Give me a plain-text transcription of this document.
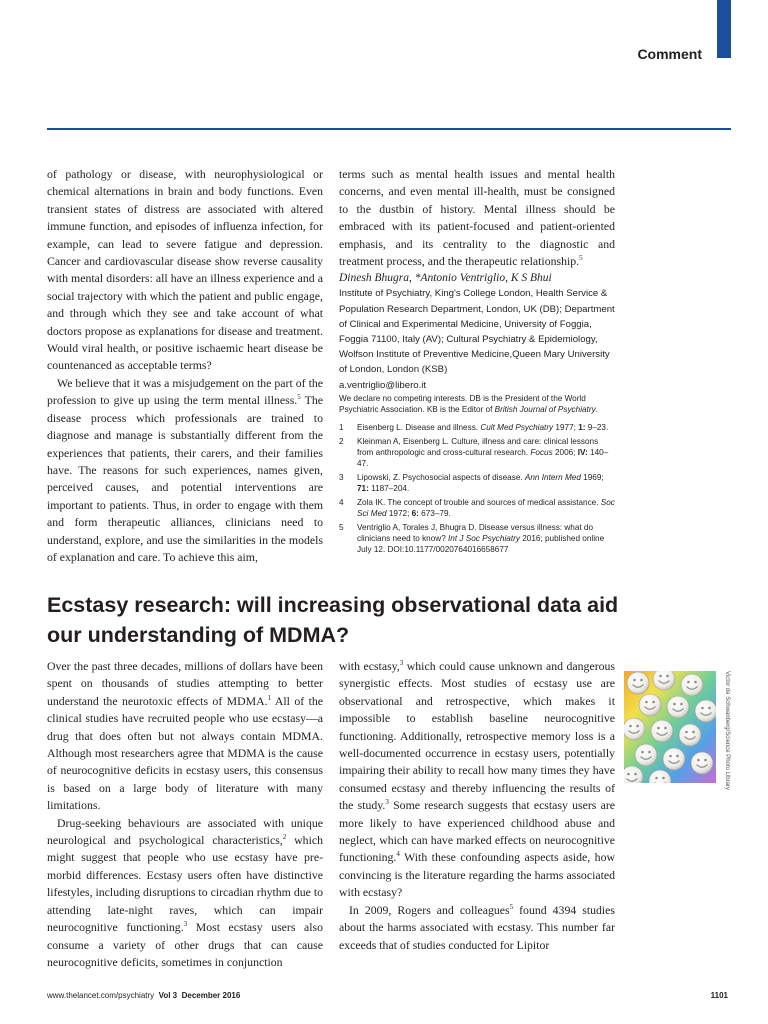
Comment

of pathology or disease, with neurophysiological or chemical alternations in brain and body functions. Even transient states of distress are associated with altered immune function, and episodes of influenza infection, for example, can lead to severe fatigue and depression. Cancer and cardiovascular disease show reverse causality with mental disorders: all have an illness experience and a social trajectory with which the patient and public engage, and through which they see and take account of what doctors propose as explanations for disease and treatment. Would viral health, or positive ischaemic heart disease be countenanced as acceptable terms?

We believe that it was a misjudgement on the part of the profession to give up using the term mental illness.$^5$ The disease process which professionals are trained to diagnose and manage is substantially different from the experiences that patients, their carers, and their families have. The reasons for such experiences, names given, perceived causes, and potential interventions are important to patients. Thus, in order to engage with them and form therapeutic alliances, clinicians need to understand, explore, and use the similarities in the models of explanation and care. To achieve this aim,

terms such as mental health issues and mental health concerns, and even mental ill-health, must be consigned to the dustbin of history. Mental illness should be embraced with its patient-focused and patient-oriented emphasis, and its centrality to the diagnostic and treatment process, and the therapeutic relationship.$^5$

Dinesh Bhugra, *Antonio Ventriglio, K S Bhui

Institute of Psychiatry, King's College London, Health Service & Population Research Department, London, UK (DB); Department of Clinical and Experimental Medicine, University of Foggia, Foggia 71100, Italy (AV); Cultural Psychiatry & Epidemiology, Wolfson Institute of Preventive Medicine,Queen Mary University of London, London (KSB)
a.ventriglio@libero.it

We declare no competing interests. DB is the President of the World Psychiatric Association. KB is the Editor of British Journal of Psychiatry.

1 Eisenberg L. Disease and illness. Cult Med Psychiatry 1977; 1: 9–23.
2 Kleinman A, Eisenberg L. Culture, illness and care: clinical lessons from anthropologic and cross-cultural research. Focus 2006; IV: 140–47.
3 Lipowski, Z. Psychosocial aspects of disease. Ann Intern Med 1969; 71: 1187–204.
4 Zola IK. The concept of trouble and sources of medical assistance. Soc Sci Med 1972; 6: 673–79.
5 Ventriglio A, Torales J, Bhugra D. Disease versus illness: what do clinicians need to know? Int J Soc Psychiatry 2016; published online July 12. DOI:10.1177/0020764016658677
Ecstasy research: will increasing observational data aid our understanding of MDMA?

Over the past three decades, millions of dollars have been spent on thousands of studies attempting to better understand the neurotoxic effects of MDMA.$^1$ All of the clinical studies have recruited people who use ecstasy—a drug that does often but not always contain MDMA. Although most researchers agree that MDMA is the cause of neurocognitive deficits in ecstasy users, this consensus is based on a large body of literature with many limitations.

Drug-seeking behaviours are associated with unique neurological and psychological characteristics,$^2$ which might suggest that people who use ecstasy have pre-morbid differences. Ecstasy users often have distinctive lifestyles, including disruptions to circadian rhythm due to attending late-night raves, which can impair neurocognitive functioning.$^3$ Most ecstasy users also consume a variety of other drugs that can cause neurocognitive deficits, sometimes in conjunction

with ecstasy,$^3$ which could cause unknown and dangerous synergistic effects. Most studies of ecstasy use are observational and retrospective, which makes it impossible to establish baseline neurocognitive functioning. Additionally, retrospective memory loss is a well-documented occurrence in ecstasy users, potentially impairing their ability to recall how many times they have consumed ecstasy and thereby influencing the results of the study.$^3$ Some research suggests that ecstasy users are more likely to have experienced childhood abuse and neglect, which can have marked effects on neurocognitive functioning.$^4$ With these confounding aspects aside, how convincing is the literature regarding the harms associated with ecstasy?

In 2009, Rogers and colleagues$^5$ found 4394 studies about the harms associated with ecstasy. This number far exceeds that of studies conducted for Lipitor

Victor de Schwanberg/Science Photo Library
www.thelancet.com/psychiatry Vol 3 December 2016	1101
